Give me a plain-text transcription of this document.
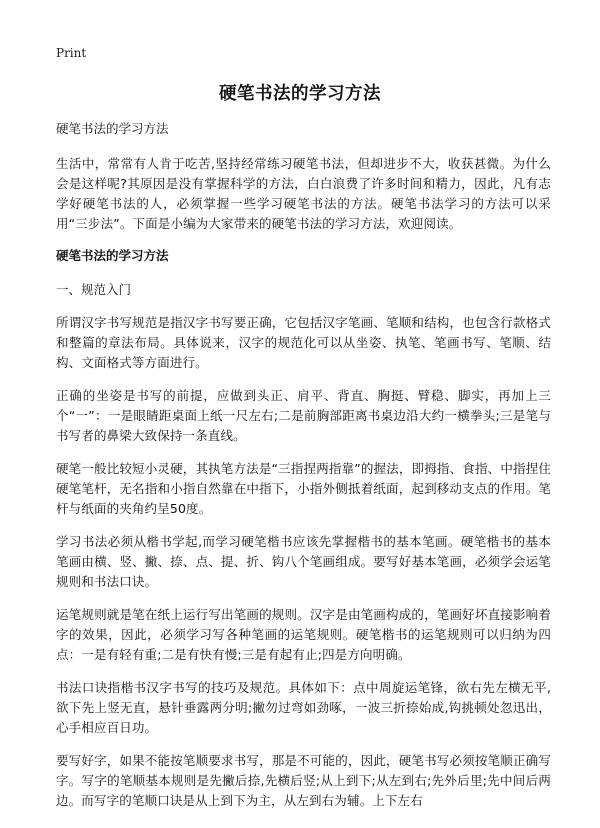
Print
硬笔书法的学习方法

硬笔书法的学习方法

生活中，常常有人肯于吃苦,坚持经常练习硬笔书法，但却进步不大，收获甚微。为什么会是这样呢?其原因是没有掌握科学的方法，白白浪费了许多时间和精力，因此，凡有志学好硬笔书法的人，必须掌握一些学习硬笔书法的方法。硬笔书法学习的方法可以采用“三步法”。下面是小编为大家带来的硬笔书法的学习方法，欢迎阅读。

硬笔书法的学习方法

一、规范入门

所谓汉字书写规范是指汉字书写要正确，它包括汉字笔画、笔顺和结构，也包含行款格式和整篇的章法布局。具体说来，汉字的规范化可以从坐姿、执笔、笔画书写、笔顺、结构、文面格式等方面进行。

正确的坐姿是书写的前提，应做到头正、肩平、背直、胸挺、臂稳、脚实，再加上三个“一”：一是眼睛距桌面上纸一尺左右;二是前胸部距离书桌边沿大约一横拳头;三是笔与书写者的鼻梁大致保持一条直线。

硬笔一般比较短小灵硬，其执笔方法是“三指捏两指靠”的握法，即拇指、食指、中指捏住硬笔笔杆，无名指和小指自然靠在中指下，小指外侧抵着纸面，起到移动支点的作用。笔杆与纸面的夹角约呈50度。

学习书法必须从楷书学起,而学习硬笔楷书应该先掌握楷书的基本笔画。硬笔楷书的基本笔画由横、竖、撇、捺、点、提、折、钩八个笔画组成。要写好基本笔画，必须学会运笔规则和书法口诀。

运笔规则就是笔在纸上运行写出笔画的规则。汉字是由笔画构成的，笔画好坏直接影响着字的效果，因此，必须学习写各种笔画的运笔规则。硬笔楷书的运笔规则可以归纳为四点：一是有轻有重;二是有快有慢;三是有起有止;四是方向明确。

书法口诀指楷书汉字书写的技巧及规范。具体如下：点中周旋运笔锋，欲右先左横无平,欲下先上竖无直，悬针垂露两分明;撇勿过弯如劲啄，一波三折捺始成,钩挑顿处忽迅出，心手相应百日功。

要写好字，如果不能按笔顺要求书写，那是不可能的，因此，硬笔书写必须按笔顺正确写字。写字的笔顺基本规则是先撇后捺,先横后竖;从上到下;从左到右;先外后里;先中间后两边。而写字的笔顺口诀是从上到下为主，从左到右为辅。上下左右
